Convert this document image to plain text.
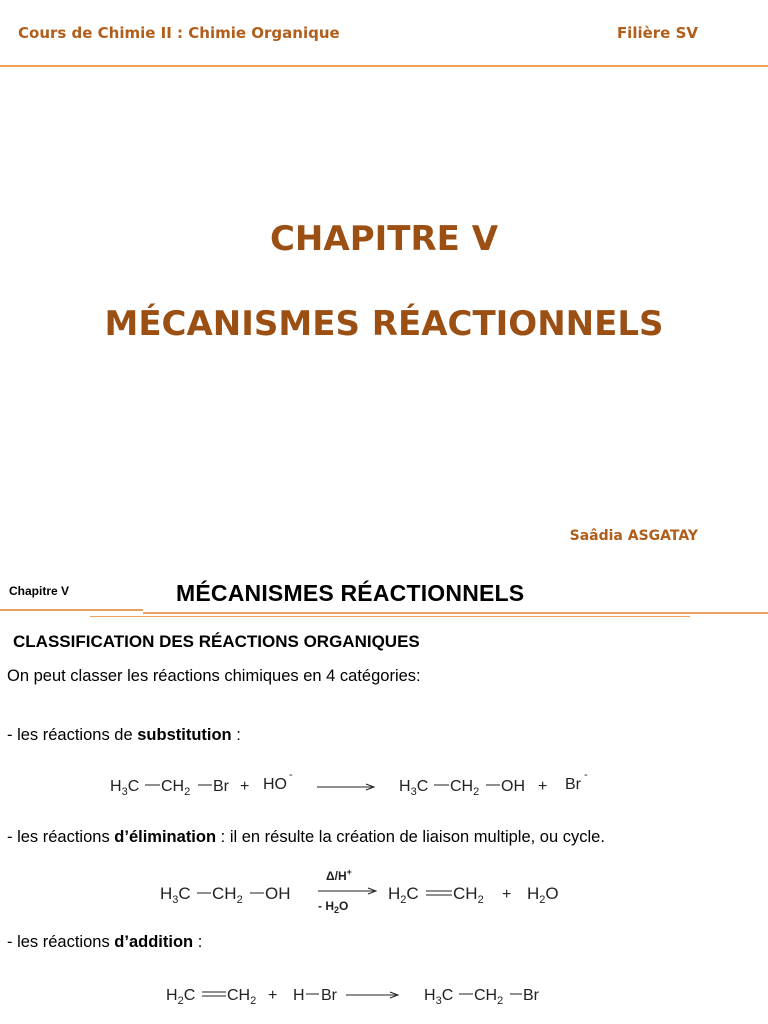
Cours de Chimie II : Chimie Organique	Filière SV
CHAPITRE V
MÉCANISMES RÉACTIONNELS
Saâdia ASGATAY
Chapitre V	MÉCANISMES RÉACTIONNELS
CLASSIFICATION DES RÉACTIONS ORGANIQUES
On peut classer les réactions chimiques en 4 catégories:
- les réactions de substitution :
$H_3C$ $CH_2$ Br + HO
-
$H_3C$ $CH_2$ OH + Br
-
- les réactions d’élimination : il en résulte la création de liaison multiple, ou cycle.
$H_3C$ $CH_2$ OH
Δ/H+
- $H_2O$
$H_2C$ $CH_2 + H_2O$
- les réactions d’addition :
$H_2C$ $CH_2 + H$ Br	$H_3C$ $CH_2$ Br
